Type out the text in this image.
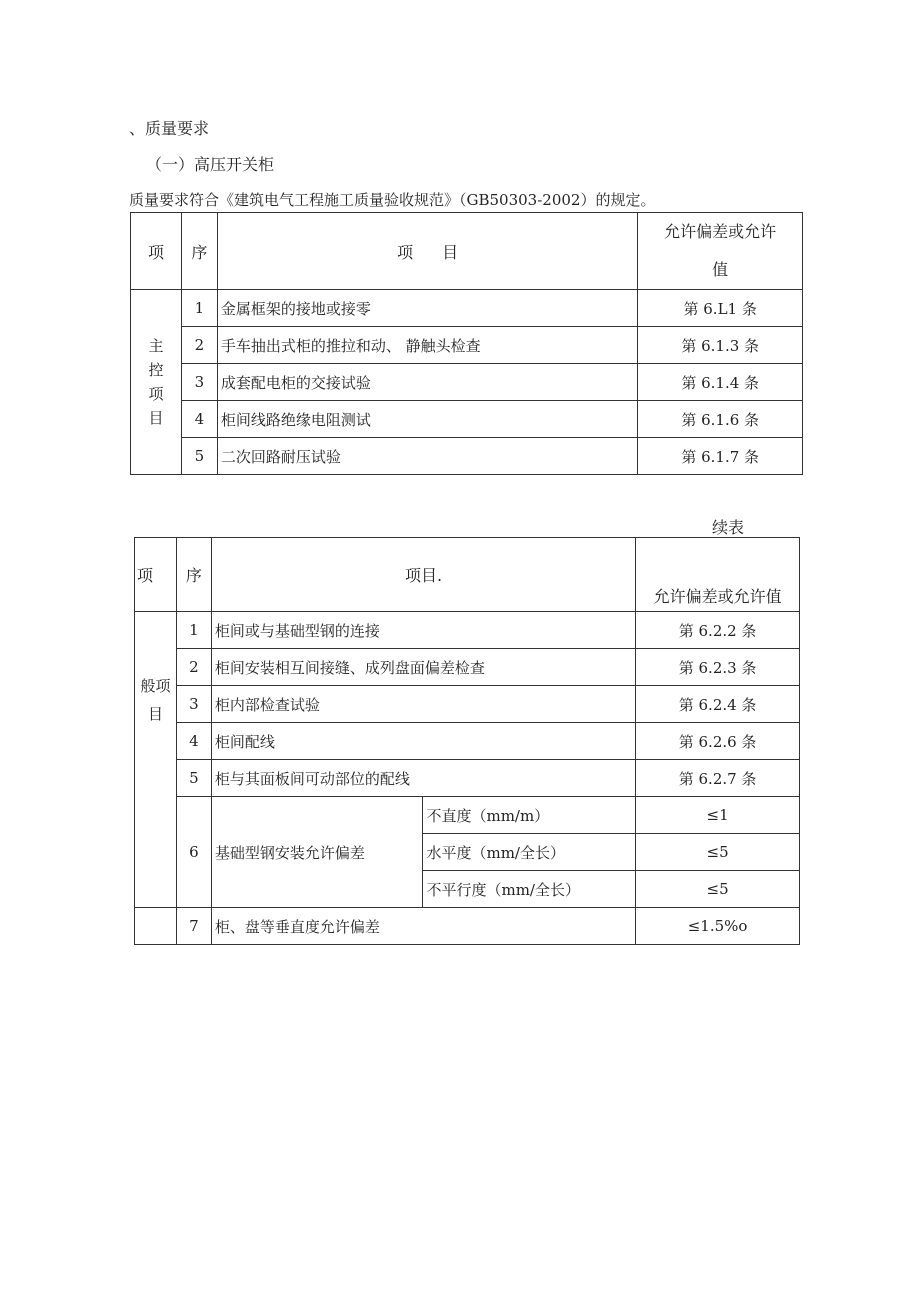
、质量要求
（一）高压开关柜
质量要求符合《建筑电气工程施工质量验收规范》（GB50303-2002）的规定。
项	序	项 目	允许偏差或允许
值

主
控
项
目	1	金属框架的接地或接零	第 6.L1 条
	2	手车抽出式柜的推拉和动、 静触头检查	第 6.1.3 条
	3	成套配电柜的交接试验	第 6.1.4 条
	4	柜间线路绝缘电阻测试	第 6.1.6 条
	5	二次回路耐压试验	第 6.1.7 条
续表
项	序	项目.		允许偏差或允许值
般项
目	1	柜间或与基础型钢的连接		第 6.2.2 条
	2	柜间安装相互间接缝、成列盘面偏差检查		第 6.2.3 条
	3	柜内部检查试验		第 6.2.4 条
	4	柜间配线		第 6.2.6 条
	5	柜与其面板间可动部位的配线		第 6.2.7 条
	6	基础型钢安装允许偏差	不直度（mm/m）	≤1
			水平度（mm/全长）	≤5
			不平行度（mm/全长）	≤5
	7	柜、盘等垂直度允许偏差		≤1.5%o
